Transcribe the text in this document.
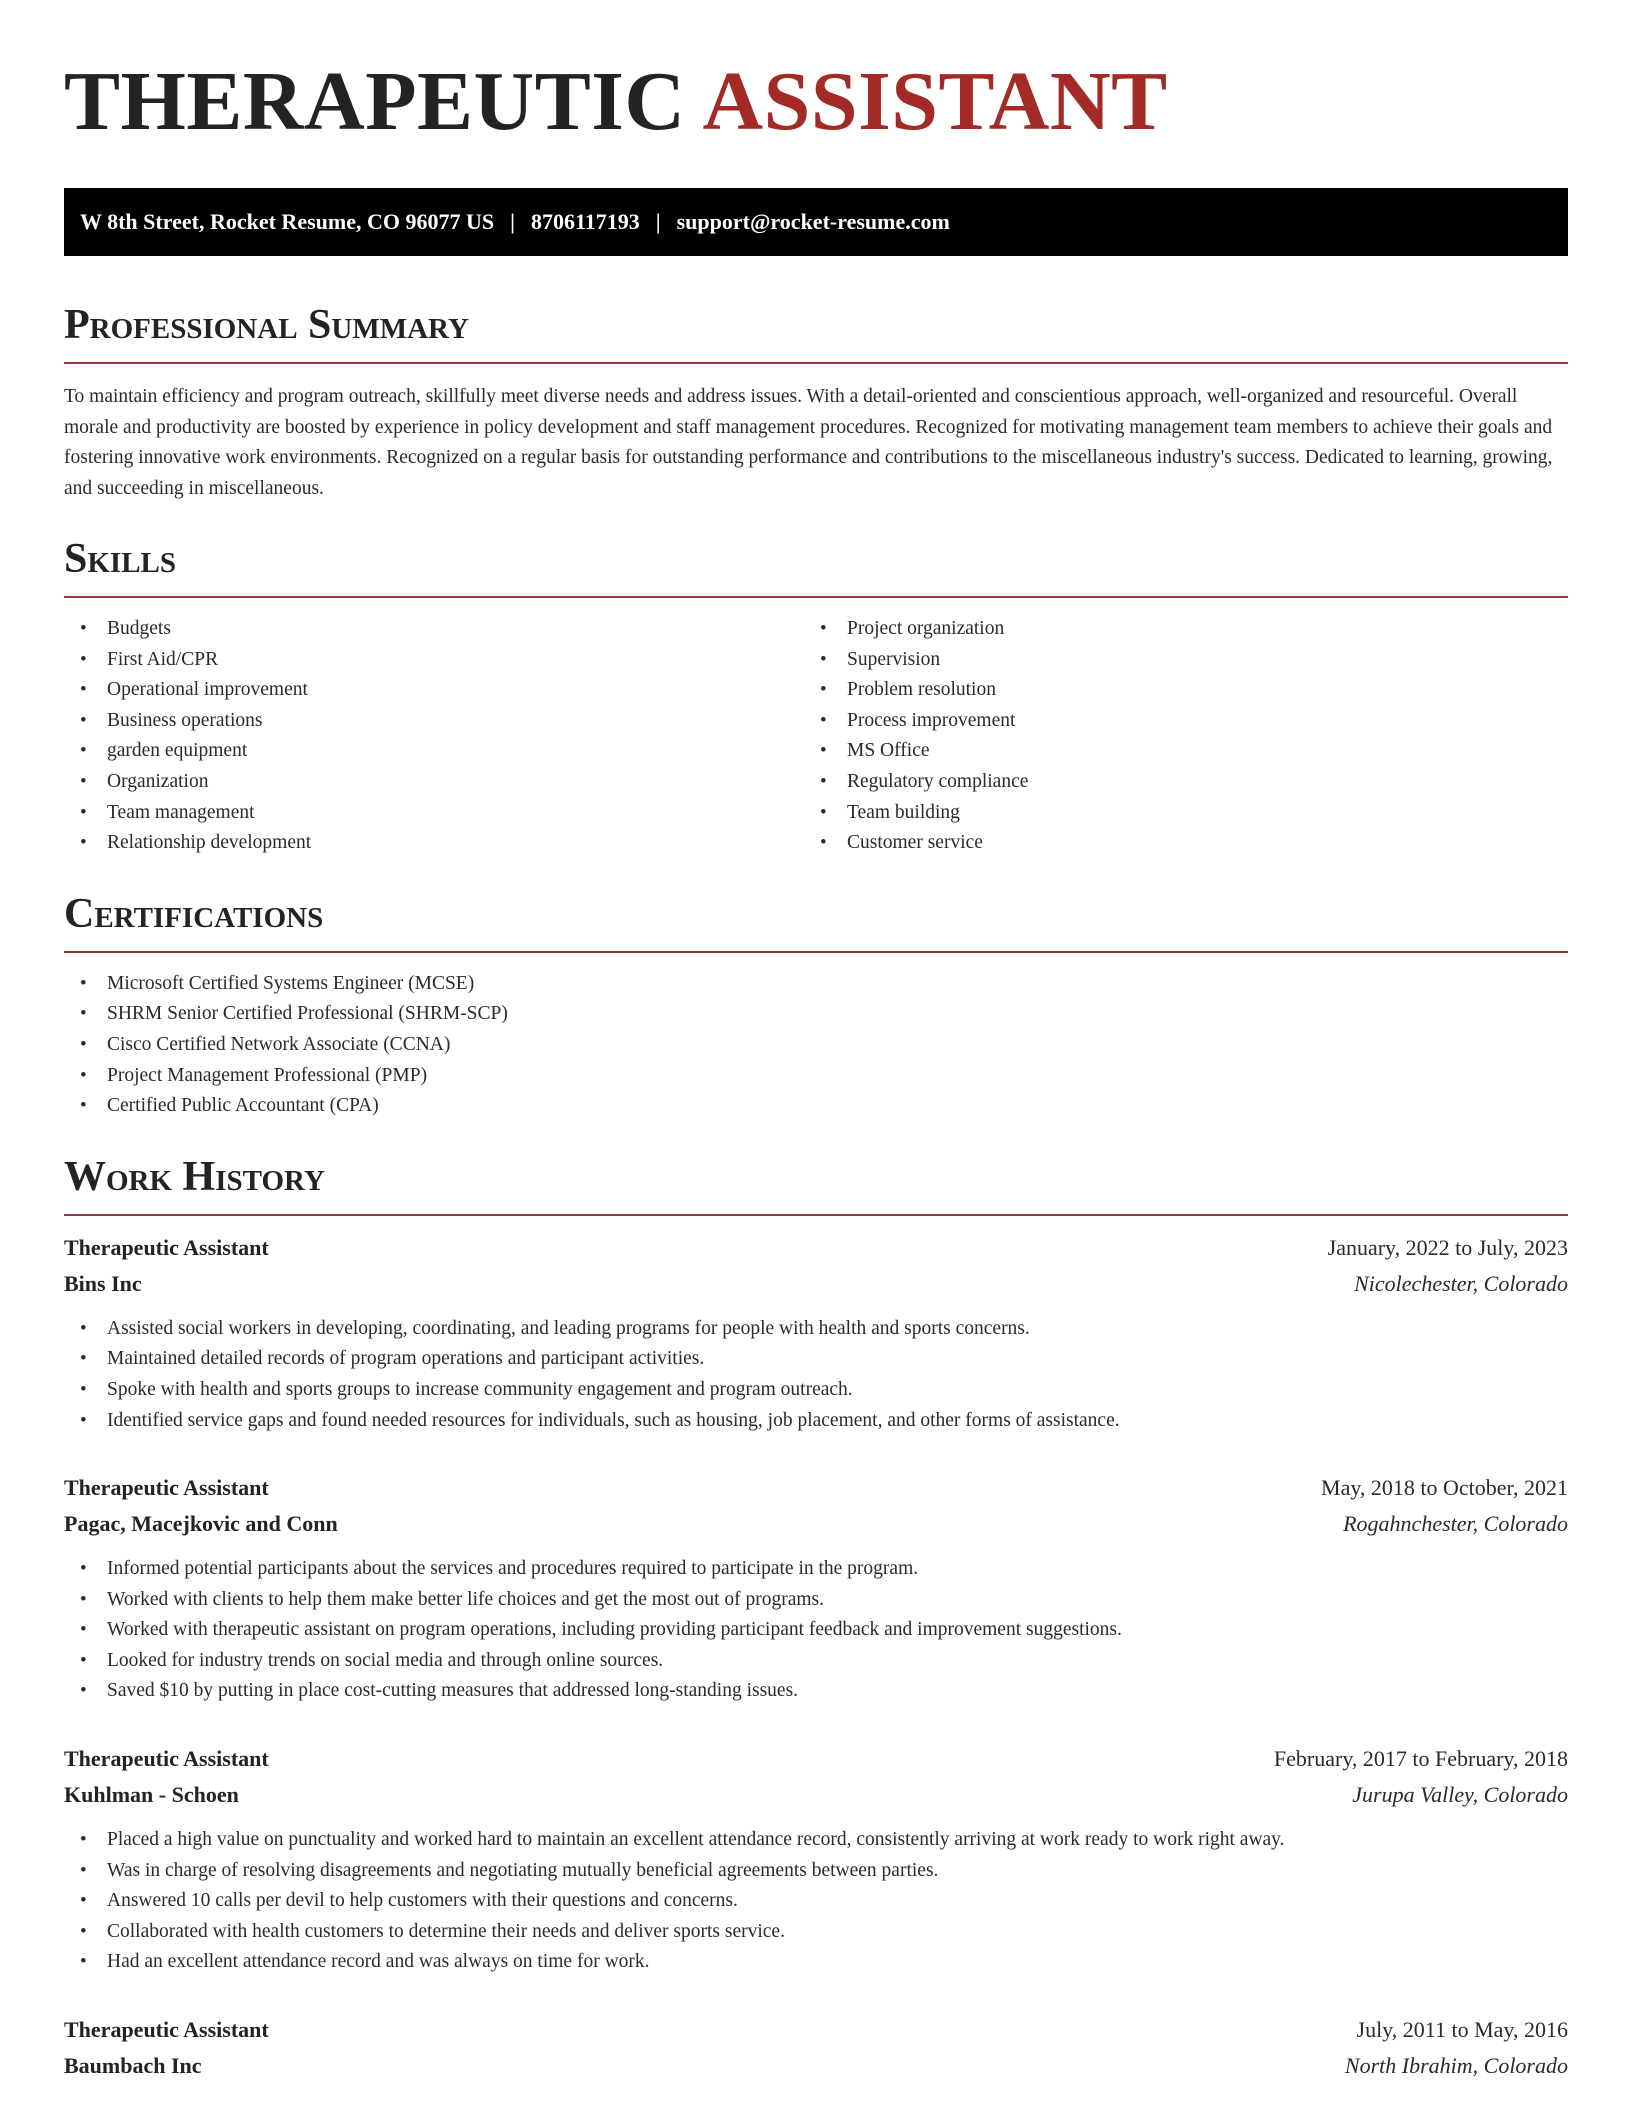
THERAPEUTIC ASSISTANT
W 8th Street, Rocket Resume, CO 96077 US | 8706117193 | support@rocket-resume.com
Professional Summary

To maintain efficiency and program outreach, skillfully meet diverse needs and address issues. With a detail-oriented and conscientious approach, well-organized and resourceful. Overall morale and productivity are boosted by experience in policy development and staff management procedures. Recognized for motivating management team members to achieve their goals and fostering innovative work environments. Recognized on a regular basis for outstanding performance and contributions to the miscellaneous industry's success. Dedicated to learning, growing, and succeeding in miscellaneous.

Skills
• Budgets
• First Aid/CPR
• Operational improvement
• Business operations
• garden equipment
• Organization
• Team management
• Relationship development
• Project organization
• Supervision
• Problem resolution
• Process improvement
• MS Office
• Regulatory compliance
• Team building
• Customer service
Certifications
• Microsoft Certified Systems Engineer (MCSE)
• SHRM Senior Certified Professional (SHRM-SCP)
• Cisco Certified Network Associate (CCNA)
• Project Management Professional (PMP)
• Certified Public Accountant (CPA)
Work History
Therapeutic Assistant	January, 2022 to July, 2023
Bins Inc	Nicolechester, Colorado
• Assisted social workers in developing, coordinating, and leading programs for people with health and sports concerns.
• Maintained detailed records of program operations and participant activities.
• Spoke with health and sports groups to increase community engagement and program outreach.
• Identified service gaps and found needed resources for individuals, such as housing, job placement, and other forms of assistance.
Therapeutic Assistant	May, 2018 to October, 2021
Pagac, Macejkovic and Conn	Rogahnchester, Colorado
• Informed potential participants about the services and procedures required to participate in the program.
• Worked with clients to help them make better life choices and get the most out of programs.
• Worked with therapeutic assistant on program operations, including providing participant feedback and improvement suggestions.
• Looked for industry trends on social media and through online sources.
• Saved $10 by putting in place cost-cutting measures that addressed long-standing issues.
Therapeutic Assistant	February, 2017 to February, 2018
Kuhlman - Schoen	Jurupa Valley, Colorado
• Placed a high value on punctuality and worked hard to maintain an excellent attendance record, consistently arriving at work ready to work right away.
• Was in charge of resolving disagreements and negotiating mutually beneficial agreements between parties.
• Answered 10 calls per devil to help customers with their questions and concerns.
• Collaborated with health customers to determine their needs and deliver sports service.
• Had an excellent attendance record and was always on time for work.
Therapeutic Assistant	July, 2011 to May, 2016
Baumbach Inc	North Ibrahim, Colorado
